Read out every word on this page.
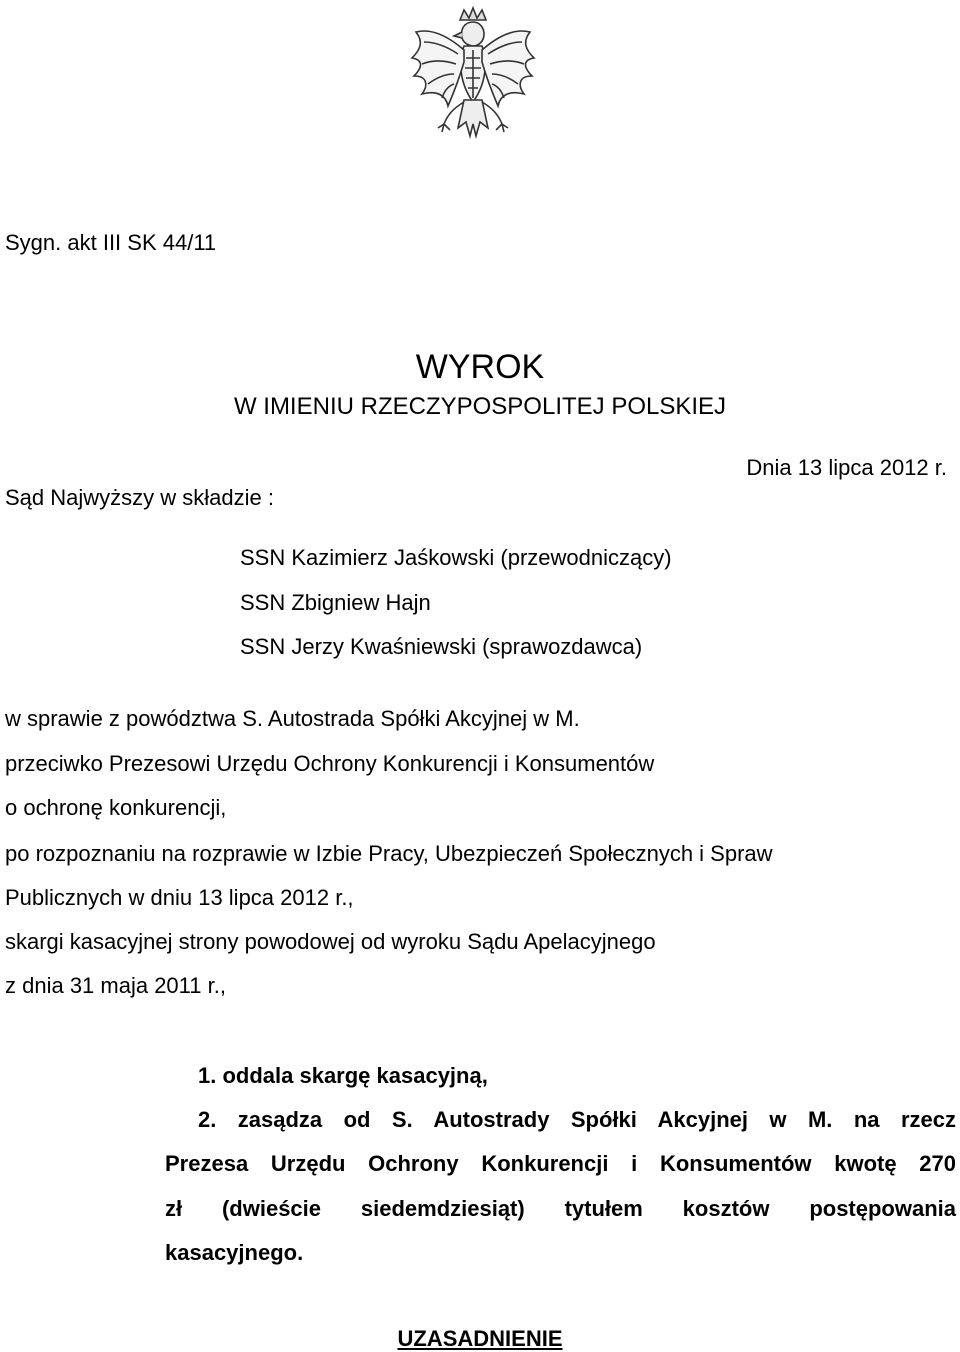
Sygn. akt III SK 44/11
WYROK
W IMIENIU RZECZYPOSPOLITEJ POLSKIEJ
Dnia 13 lipca 2012 r.
Sąd Najwyższy w składzie :
SSN Kazimierz Jaśkowski (przewodniczący)
SSN Zbigniew Hajn
SSN Jerzy Kwaśniewski (sprawozdawca)
w sprawie z powództwa S. Autostrada Spółki Akcyjnej w M.
przeciwko Prezesowi Urzędu Ochrony Konkurencji i Konsumentów
o ochronę konkurencji,
po rozpoznaniu na rozprawie w Izbie Pracy, Ubezpieczeń Społecznych i Spraw
Publicznych w dniu 13 lipca 2012 r.,
skargi kasacyjnej strony powodowej od wyroku Sądu Apelacyjnego
z dnia 31 maja 2011 r.,
1. oddala skargę kasacyjną,
2. zasądza od S. Autostrady Spółki Akcyjnej w M. na rzecz
Prezesa Urzędu Ochrony Konkurencji i Konsumentów kwotę 270
zł (dwieście siedemdziesiąt) tytułem kosztów postępowania
kasacyjnego.
UZASADNIENIE
